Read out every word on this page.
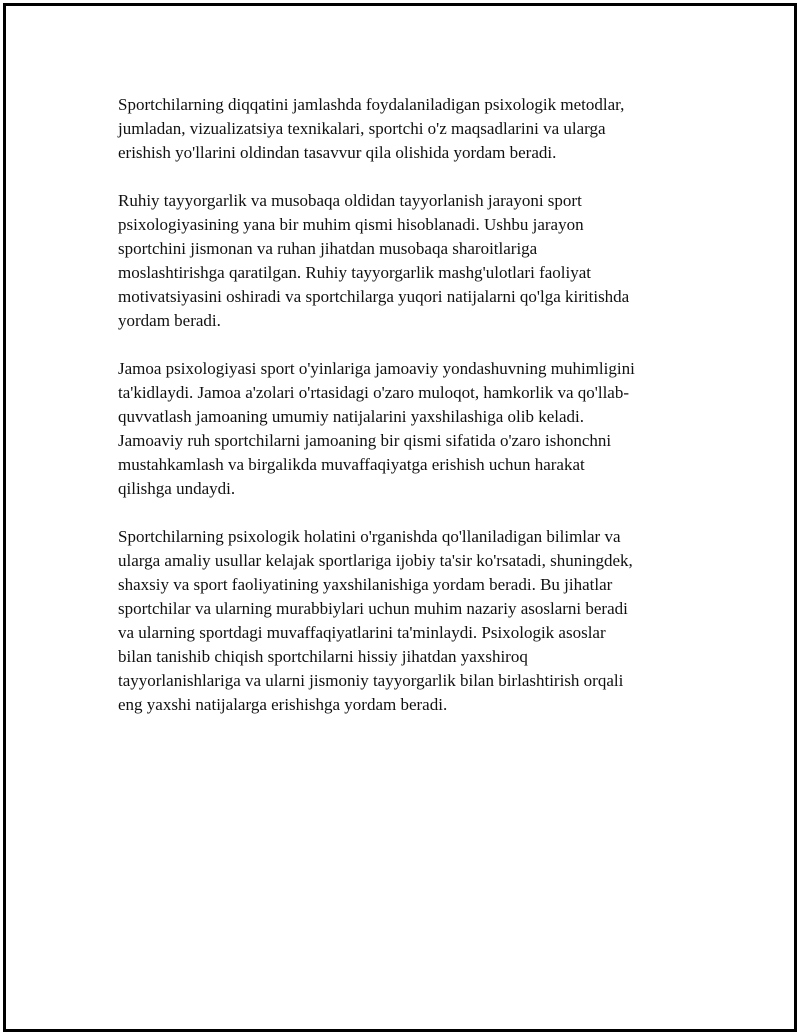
Sportchilarning diqqatini jamlashda foydalaniladigan psixologik metodlar,
jumladan, vizualizatsiya texnikalari, sportchi o'z maqsadlarini va ularga
erishish yo'llarini oldindan tasavvur qila olishida yordam beradi.

Ruhiy tayyorgarlik va musobaqa oldidan tayyorlanish jarayoni sport
psixologiyasining yana bir muhim qismi hisoblanadi. Ushbu jarayon
sportchini jismonan va ruhan jihatdan musobaqa sharoitlariga
moslashtirishga qaratilgan. Ruhiy tayyorgarlik mashg'ulotlari faoliyat
motivatsiyasini oshiradi va sportchilarga yuqori natijalarni qo'lga kiritishda
yordam beradi.

Jamoa psixologiyasi sport o'yinlariga jamoaviy yondashuvning muhimligini
ta'kidlaydi. Jamoa a'zolari o'rtasidagi o'zaro muloqot, hamkorlik va qo'llab-
quvvatlash jamoaning umumiy natijalarini yaxshilashiga olib keladi.
Jamoaviy ruh sportchilarni jamoaning bir qismi sifatida o'zaro ishonchni
mustahkamlash va birgalikda muvaffaqiyatga erishish uchun harakat
qilishga undaydi.

Sportchilarning psixologik holatini o'rganishda qo'llaniladigan bilimlar va
ularga amaliy usullar kelajak sportlariga ijobiy ta'sir ko'rsatadi, shuningdek,
shaxsiy va sport faoliyatining yaxshilanishiga yordam beradi. Bu jihatlar
sportchilar va ularning murabbiylari uchun muhim nazariy asoslarni beradi
va ularning sportdagi muvaffaqiyatlarini ta'minlaydi. Psixologik asoslar
bilan tanishib chiqish sportchilarni hissiy jihatdan yaxshiroq
tayyorlanishlariga va ularni jismoniy tayyorgarlik bilan birlashtirish orqali
eng yaxshi natijalarga erishishga yordam beradi.
